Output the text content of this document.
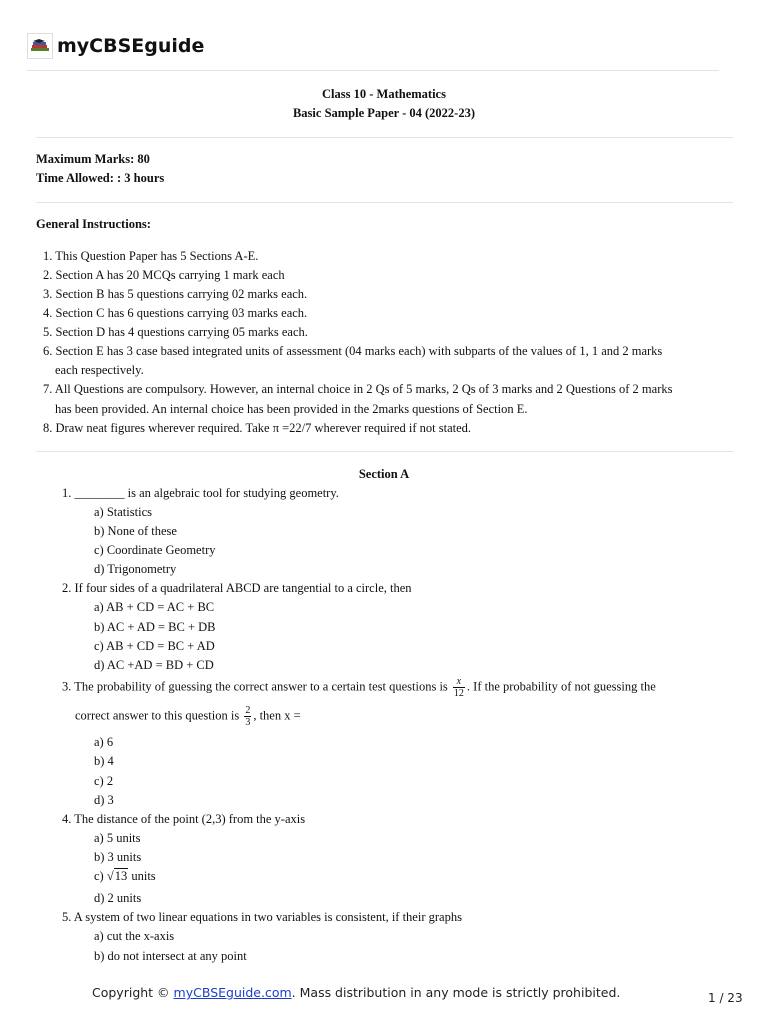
myCBSEguide
Class 10 - Mathematics
Basic Sample Paper - 04 (2022-23)
Maximum Marks: 80
Time Allowed: : 3 hours
General Instructions:
1. This Question Paper has 5 Sections A-E.
2. Section A has 20 MCQs carrying 1 mark each
3. Section B has 5 questions carrying 02 marks each.
4. Section C has 6 questions carrying 03 marks each.
5. Section D has 4 questions carrying 05 marks each.
6. Section E has 3 case based integrated units of assessment (04 marks each) with subparts of the values of 1, 1 and 2 marks
each respectively.
7. All Questions are compulsory. However, an internal choice in 2 Qs of 5 marks, 2 Qs of 3 marks and 2 Questions of 2 marks
has been provided. An internal choice has been provided in the 2marks questions of Section E.
8. Draw neat figures wherever required. Take π =22/7 wherever required if not stated.
Section A
1. ________ is an algebraic tool for studying geometry.
a) Statistics
b) None of these
c) Coordinate Geometry
d) Trigonometry
2. If four sides of a quadrilateral ABCD are tangential to a circle, then
a) AB + CD = AC + BC
b) AC + AD = BC + DB
c) AB + CD = BC + AD
d) AC +AD = BD + CD
3. The probability of guessing the correct answer to a certain test questions is $\frac{x}{12}$ . If the probability of not guessing the
correct answer to this question is $\frac{2}{3}$ , then x =
a) 6
b) 4
c) 2
d) 3
4. The distance of the point (2,3) from the y-axis
a) 5 units
b) 3 units
c) √13 units
d) 2 units
5. A system of two linear equations in two variables is consistent, if their graphs
a) cut the x-axis
b) do not intersect at any point
Copyright © myCBSEguide.com. Mass distribution in any mode is strictly prohibited.	1 / 23
